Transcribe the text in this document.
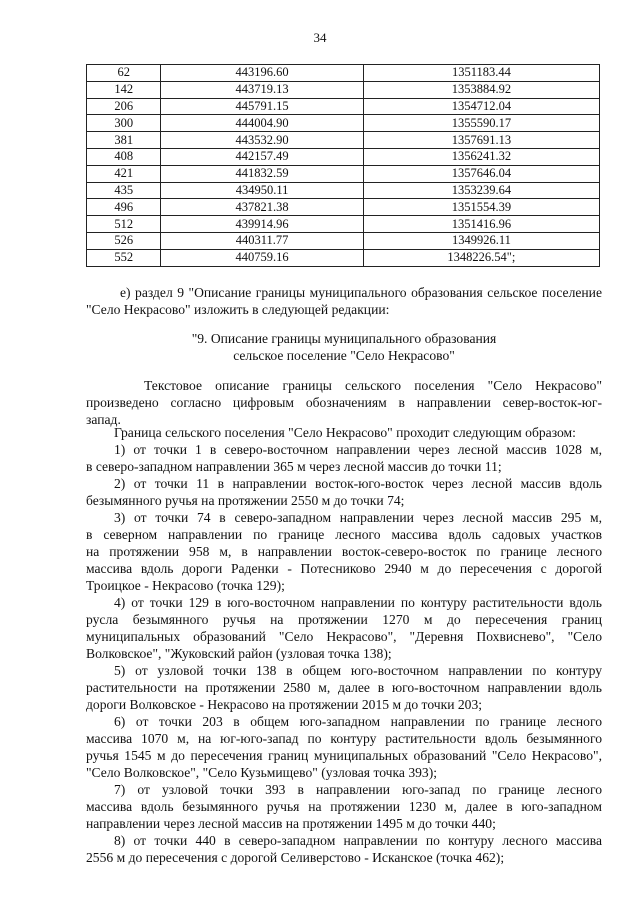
34
62	443196.60	1351183.44
142	443719.13	1353884.92
206	445791.15	1354712.04
300	444004.90	1355590.17
381	443532.90	1357691.13
408	442157.49	1356241.32
421	441832.59	1357646.04
435	434950.11	1353239.64
496	437821.38	1351554.39
512	439914.96	1351416.96
526	440311.77	1349926.11
552	440759.16	1348226.54";
е) раздел 9 "Описание границы муниципального образования сельское поселение
"Село Некрасово" изложить в следующей редакции:
"9. Описание границы муниципального образования
сельское поселение "Село Некрасово"
Текстовое описание границы сельского поселения "Село Некрасово"
произведено согласно цифровым обозначениям в направлении север-восток-юг-
запад.
Граница сельского поселения "Село Некрасово" проходит следующим образом:
1) от точки 1 в северо-восточном направлении через лесной массив 1028 м,
в северо-западном направлении 365 м через лесной массив до точки 11;
2) от точки 11 в направлении восток-юго-восток через лесной массив вдоль
безымянного ручья на протяжении 2550 м до точки 74;
3) от точки 74 в северо-западном направлении через лесной массив 295 м,
в северном направлении по границе лесного массива вдоль садовых участков
на протяжении 958 м, в направлении восток-северо-восток по границе лесного
массива вдоль дороги Раденки - Потесниково 2940 м до пересечения с дорогой
Троицкое - Некрасово (точка 129);
4) от точки 129 в юго-восточном направлении по контуру растительности вдоль
русла безымянного ручья на протяжении 1270 м до пересечения границ
муниципальных образований "Село Некрасово", "Деревня Похвиснево", "Село
Волковское", "Жуковский район (узловая точка 138);
5) от узловой точки 138 в общем юго-восточном направлении по контуру
растительности на протяжении 2580 м, далее в юго-восточном направлении вдоль
дороги Волковское - Некрасово на протяжении 2015 м до точки 203;
6) от точки 203 в общем юго-западном направлении по границе лесного
массива 1070 м, на юг-юго-запад по контуру растительности вдоль безымянного
ручья 1545 м до пересечения границ муниципальных образований "Село Некрасово",
"Село Волковское", "Село Кузьмищево" (узловая точка 393);
7) от узловой точки 393 в направлении юго-запад по границе лесного
массива вдоль безымянного ручья на протяжении 1230 м, далее в юго-западном
направлении через лесной массив на протяжении 1495 м до точки 440;
8) от точки 440 в северо-западном направлении по контуру лесного массива
2556 м до пересечения с дорогой Селиверстово - Исканское (точка 462);
